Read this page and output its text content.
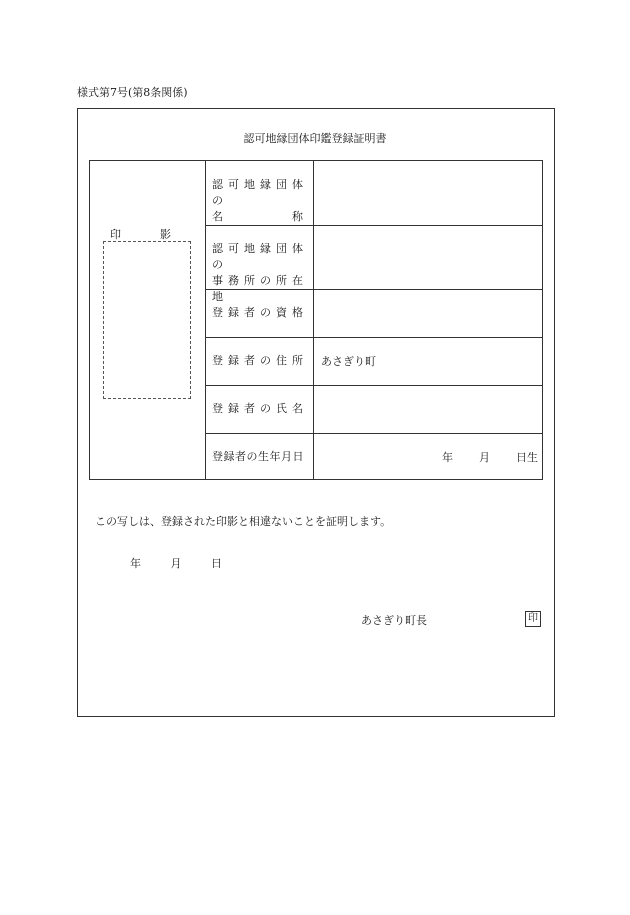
様式第7号(第8条関係)
認可地縁団体印鑑登録証明書
印　影
認可地縁団体の
名	称
認可地縁団体の
事務所の所在地
登録者の資格
登録者の住所 あさぎり町
登録者の氏名
登録者の生年月日	年 月 日生
この写しは、登録された印影と相違ないことを証明します。
年	月	日
あさぎり町長	印
